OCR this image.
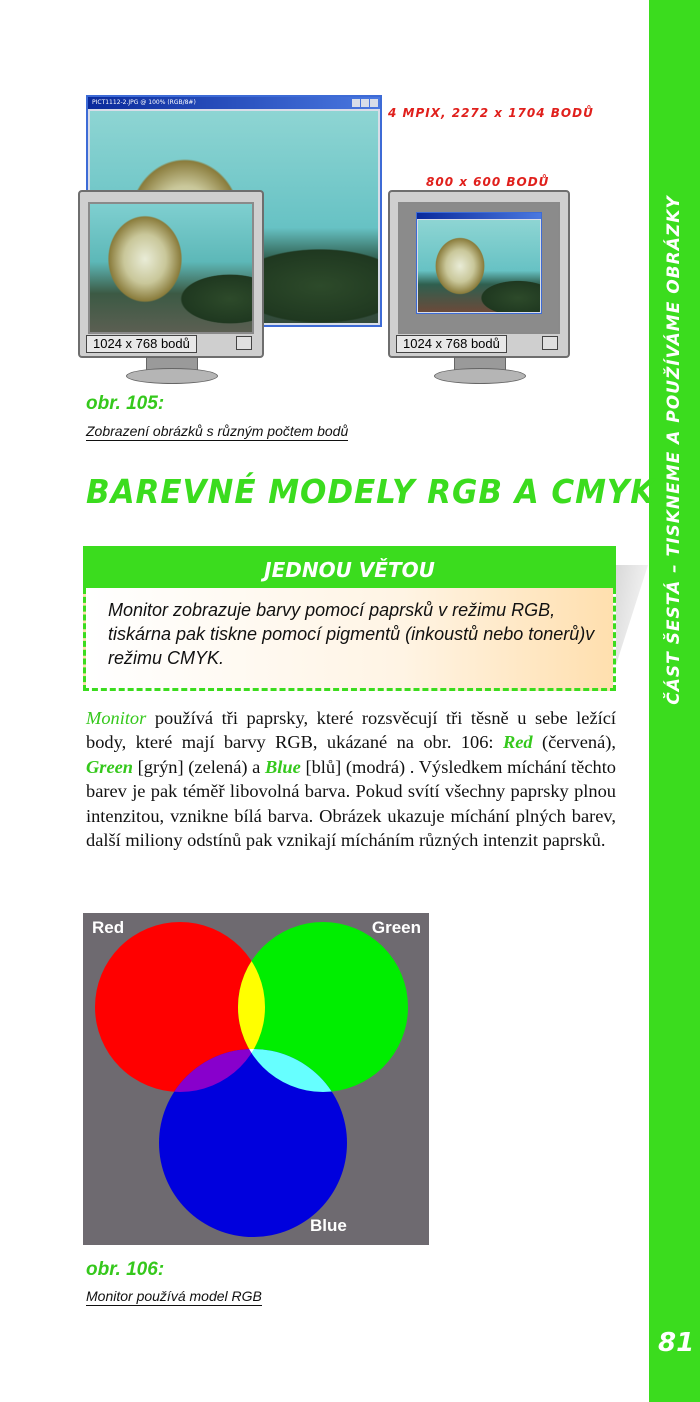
ČÁST ŠESTÁ – TISKNEME A POUŽÍVÁME OBRÁZKY
81
PICT1112-2.JPG @ 100% (RGB/8#)
4 MPIX, 2272 x 1704 BODŮ
800 x 600 BODŮ
1024 x 768 bodů	1024 x 768 bodů
obr. 105:
Zobrazení obrázků s různým počtem bodů
BAREVNÉ MODELY RGB A CMYK
JEDNOU VĚTOU
Monitor zobrazuje barvy pomocí paprsků v režimu RGB, tiskárna pak tiskne pomocí pigmentů (inkoustů nebo tonerů)v režimu CMYK.
Monitor používá tři paprsky, které rozsvěcují tři těsně u sebe ležící body, které mají barvy RGB, ukázané na obr. 106: Red (červená), Green [grýn] (zelená) a Blue [blů] (modrá) . Výsledkem míchání těchto barev je pak téměř libovolná barva. Pokud svítí všechny paprsky plnou intenzitou, vznikne bílá barva. Obrázek ukazuje míchání plných barev, další miliony odstínů pak vznikají mícháním různých intenzit paprsků.
Red	Green
Blue
obr. 106:
Monitor používá model RGB
